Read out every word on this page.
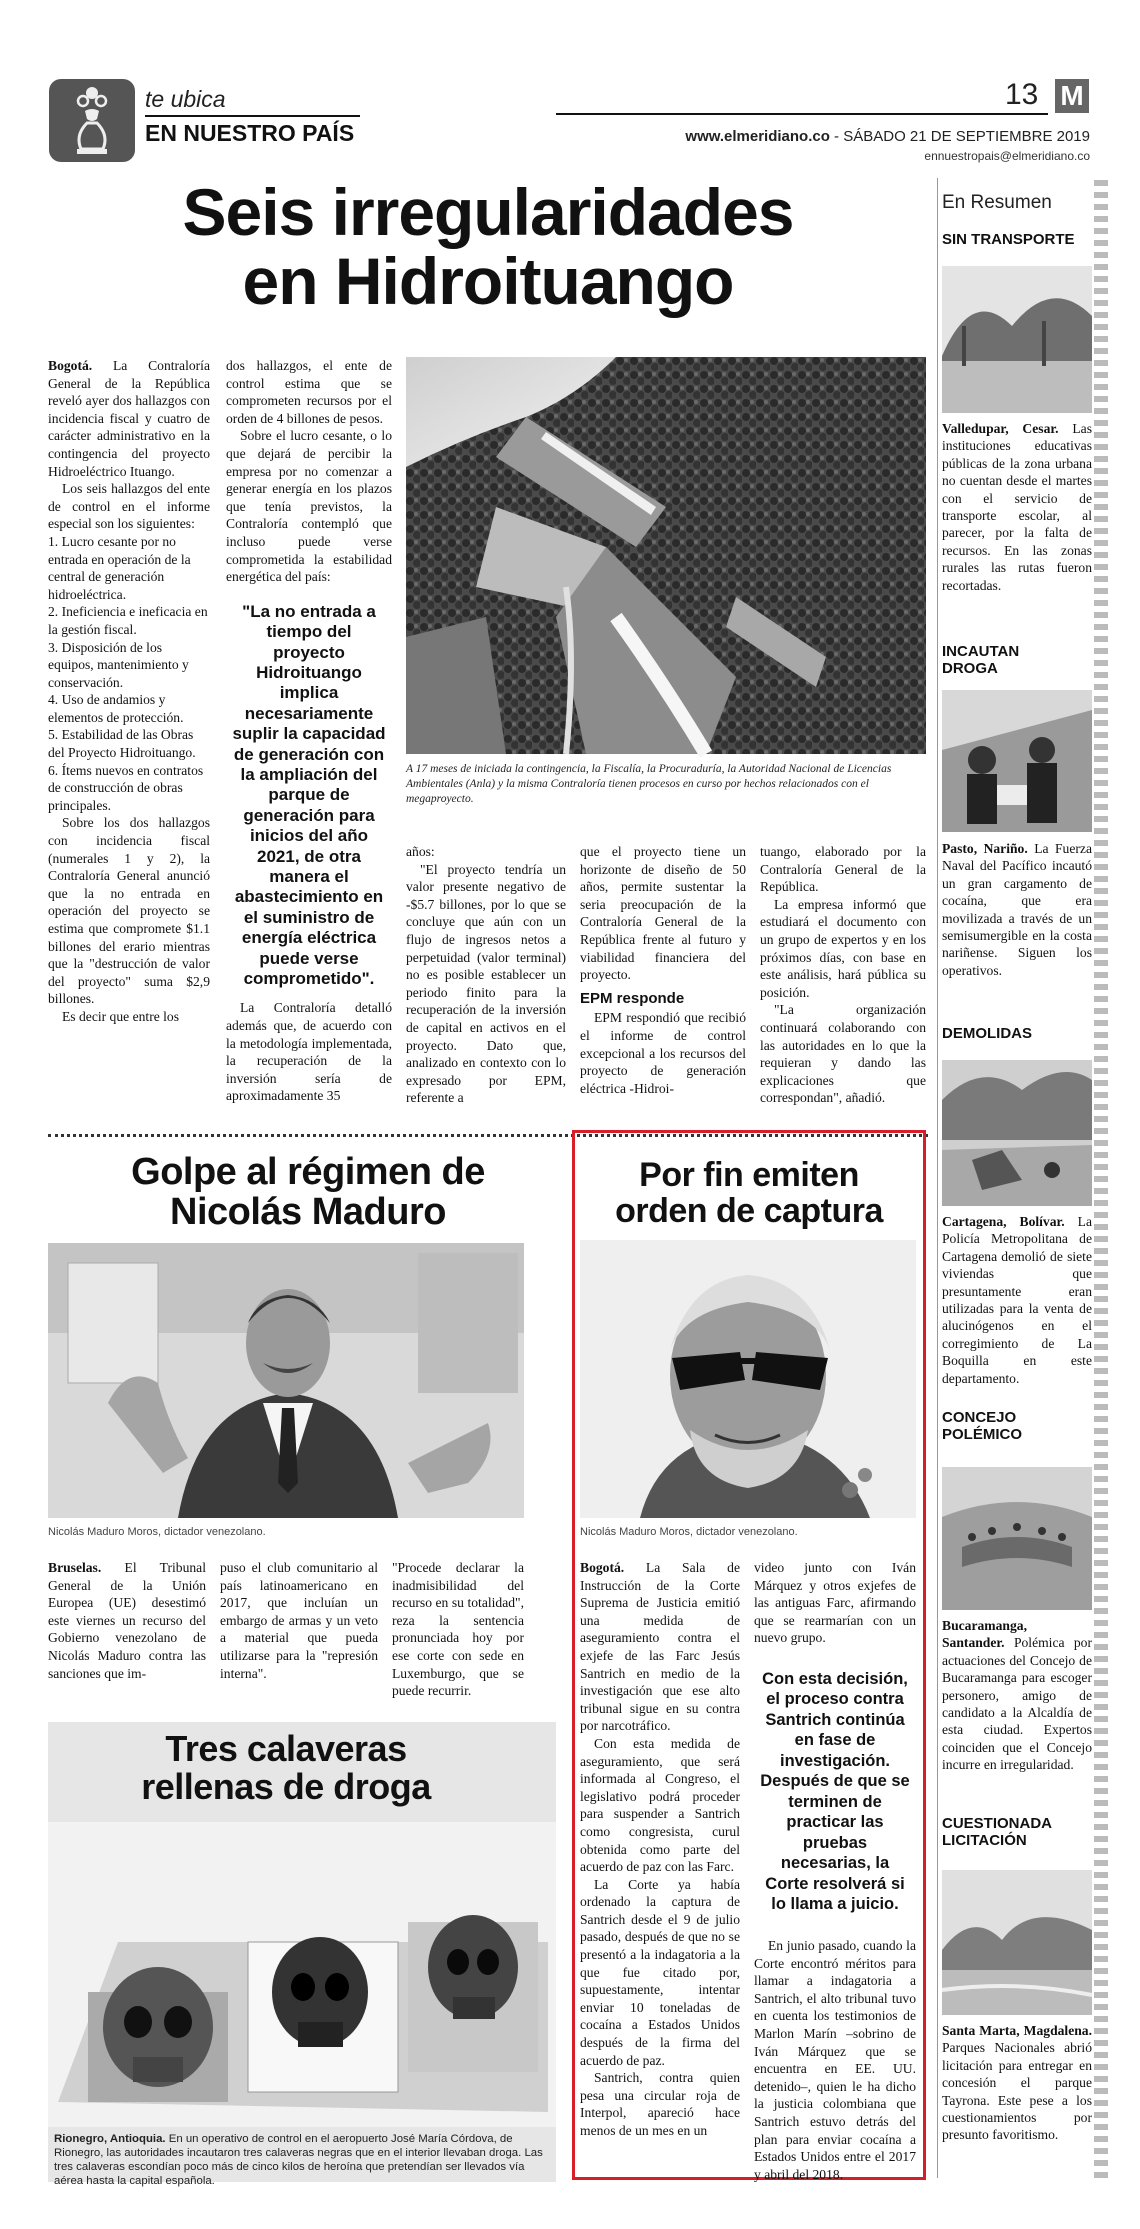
te ubica
EN NUESTRO PAÍS
13 M
www.elmeridiano.co - SÁBADO 21 DE SEPTIEMBRE 2019
ennuestropais@elmeridiano.co
Seis irregularidades
en Hidroituango

Bogotá. La Contraloría General de la República reveló ayer dos hallazgos con incidencia fiscal y cuatro de carácter administrativo en la contingencia del proyecto Hidroeléctrico Ituango.

Los seis hallazgos del ente de control en el informe especial son los siguientes:

1. Lucro cesante por no entrada en operación de la central de generación hidroeléctrica.
2. Ineficiencia e ineficacia en la gestión fiscal.
3. Disposición de los equipos, mantenimiento y conservación.
4. Uso de andamios y elementos de protección.
5. Estabilidad de las Obras del Proyecto Hidroituango.
6. Ítems nuevos en contratos de construcción de obras principales.

Sobre los dos hallazgos con incidencia fiscal (numerales 1 y 2), la Contraloría General anunció que la no entrada en operación del proyecto se estima que compromete $1.1 billones del erario mientras que la "destrucción de valor del proyecto" suma $2,9 billones.

Es decir que entre los

dos hallazgos, el ente de control estima que se comprometen recursos por el orden de 4 billones de pesos.

Sobre el lucro cesante, o lo que dejará de percibir la empresa por no comenzar a generar energía en los plazos que tenía previstos, la Contraloría contempló que incluso puede verse comprometida la estabilidad energética del país:

"La no entrada a tiempo del proyecto Hidroituango implica necesariamente suplir la capacidad de generación con la ampliación del parque de generación para inicios del año 2021, de otra manera el abastecimiento en el suministro de energía eléctrica puede verse comprometido".

La Contraloría detalló además que, de acuerdo con la metodología implementada, la recuperación de la inversión sería de aproximadamente 35

A 17 meses de iniciada la contingencia, la Fiscalía, la Procuraduría, la Autoridad Nacional de Licencias Ambientales (Anla) y la misma Contraloría tienen procesos en curso por hechos relacionados con el megaproyecto.

años:

"El proyecto tendría un valor presente negativo de -$5.7 billones, por lo que se concluye que aún con un flujo de ingresos netos a perpetuidad (valor terminal) no es posible establecer un periodo finito para la recuperación de la inversión de capital en activos en el proyecto. Dato que, analizado en contexto con lo expresado por EPM, referente a

que el proyecto tiene un horizonte de diseño de 50 años, permite sustentar la seria preocupación de la Contraloría General de la República frente al futuro y viabilidad financiera del proyecto.

EPM responde

EPM respondió que recibió el informe de control excepcional a los recursos del proyecto de generación eléctrica -Hidroi-

tuango, elaborado por la Contraloría General de la República.

La empresa informó que estudiará el documento con un grupo de expertos y en los próximos días, con base en este análisis, hará pública su posición.

"La organización continuará colaborando con las autoridades en lo que la requieran y dando las explicaciones que correspondan", añadió.

Golpe al régimen de
Nicolás Maduro
Nicolás Maduro Moros, dictador venezolano.

Bruselas. El Tribunal General de la Unión Europea (UE) desestimó este viernes un recurso del Gobierno venezolano de Nicolás Maduro contra las sanciones que im-

puso el club comunitario al país latinoamericano en 2017, que incluían un embargo de armas y un veto a material que pueda utilizarse para la "represión interna".

"Procede declarar la inadmisibilidad del recurso en su totalidad", reza la sentencia pronunciada hoy por ese corte con sede en Luxemburgo, que se puede recurrir.

Tres calaveras
rellenas de droga
Rionegro, Antioquia. En un operativo de control en el aeropuerto José María Córdova, de Rionegro, las autoridades incautaron tres calaveras negras que en el interior llevaban droga. Las tres calaveras escondían poco más de cinco kilos de heroína que pretendían ser llevados vía aérea hasta la capital española.
Por fin emiten
orden de captura
Nicolás Maduro Moros, dictador venezolano.

Bogotá. La Sala de Instrucción de la Corte Suprema de Justicia emitió una medida de aseguramiento contra el exjefe de las Farc Jesús Santrich en medio de la investigación que ese alto tribunal sigue en su contra por narcotráfico.

Con esta medida de aseguramiento, que será informada al Congreso, el legislativo podrá proceder para suspender a Santrich como congresista, curul obtenida como parte del acuerdo de paz con las Farc.

La Corte ya había ordenado la captura de Santrich desde el 9 de julio pasado, después de que no se presentó a la indagatoria a la que fue citado por, supuestamente, intentar enviar 10 toneladas de cocaína a Estados Unidos después de la firma del acuerdo de paz.

Santrich, contra quien pesa una circular roja de Interpol, apareció hace menos de un mes en un

video junto con Iván Márquez y otros exjefes de las antiguas Farc, afirmando que se rearmarían con un nuevo grupo.

Con esta decisión, el proceso contra Santrich continúa en fase de investigación. Después de que se terminen de practicar las pruebas necesarias, la Corte resolverá si lo llama a juicio.

En junio pasado, cuando la Corte encontró méritos para llamar a indagatoria a Santrich, el alto tribunal tuvo en cuenta los testimonios de Marlon Marín –sobrino de Iván Márquez que se encuentra en EE. UU. detenido–, quien le ha dicho la justicia colombiana que Santrich estuvo detrás del plan para enviar cocaína a Estados Unidos entre el 2017 y abril del 2018.

En Resumen
SIN TRANSPORTE
Valledupar, Cesar. Las instituciones educativas públicas de la zona urbana no cuentan desde el martes con el servicio de transporte escolar, al parecer, por la falta de recursos. En las zonas rurales las rutas fueron recortadas.
INCAUTAN DROGA
Pasto, Nariño. La Fuerza Naval del Pacífico incautó un gran cargamento de cocaína, que era movilizada a través de un semisumergible en la costa nariñense. Siguen los operativos.
DEMOLIDAS
Cartagena, Bolívar. La Policía Metropolitana de Cartagena demolió de siete viviendas que presuntamente eran utilizadas para la venta de alucinógenos en el corregimiento de La Boquilla en este departamento.
CONCEJO POLÉMICO
Bucaramanga, Santander. Polémica por actuaciones del Concejo de Bucaramanga para escoger personero, amigo de candidato a la Alcaldía de esta ciudad. Expertos coinciden que el Concejo incurre en irregularidad.
CUESTIONADA LICITACIÓN
Santa Marta, Magdalena. Parques Nacionales abrió licitación para entregar en concesión el parque Tayrona. Este pese a los cuestionamientos por presunto favoritismo.
